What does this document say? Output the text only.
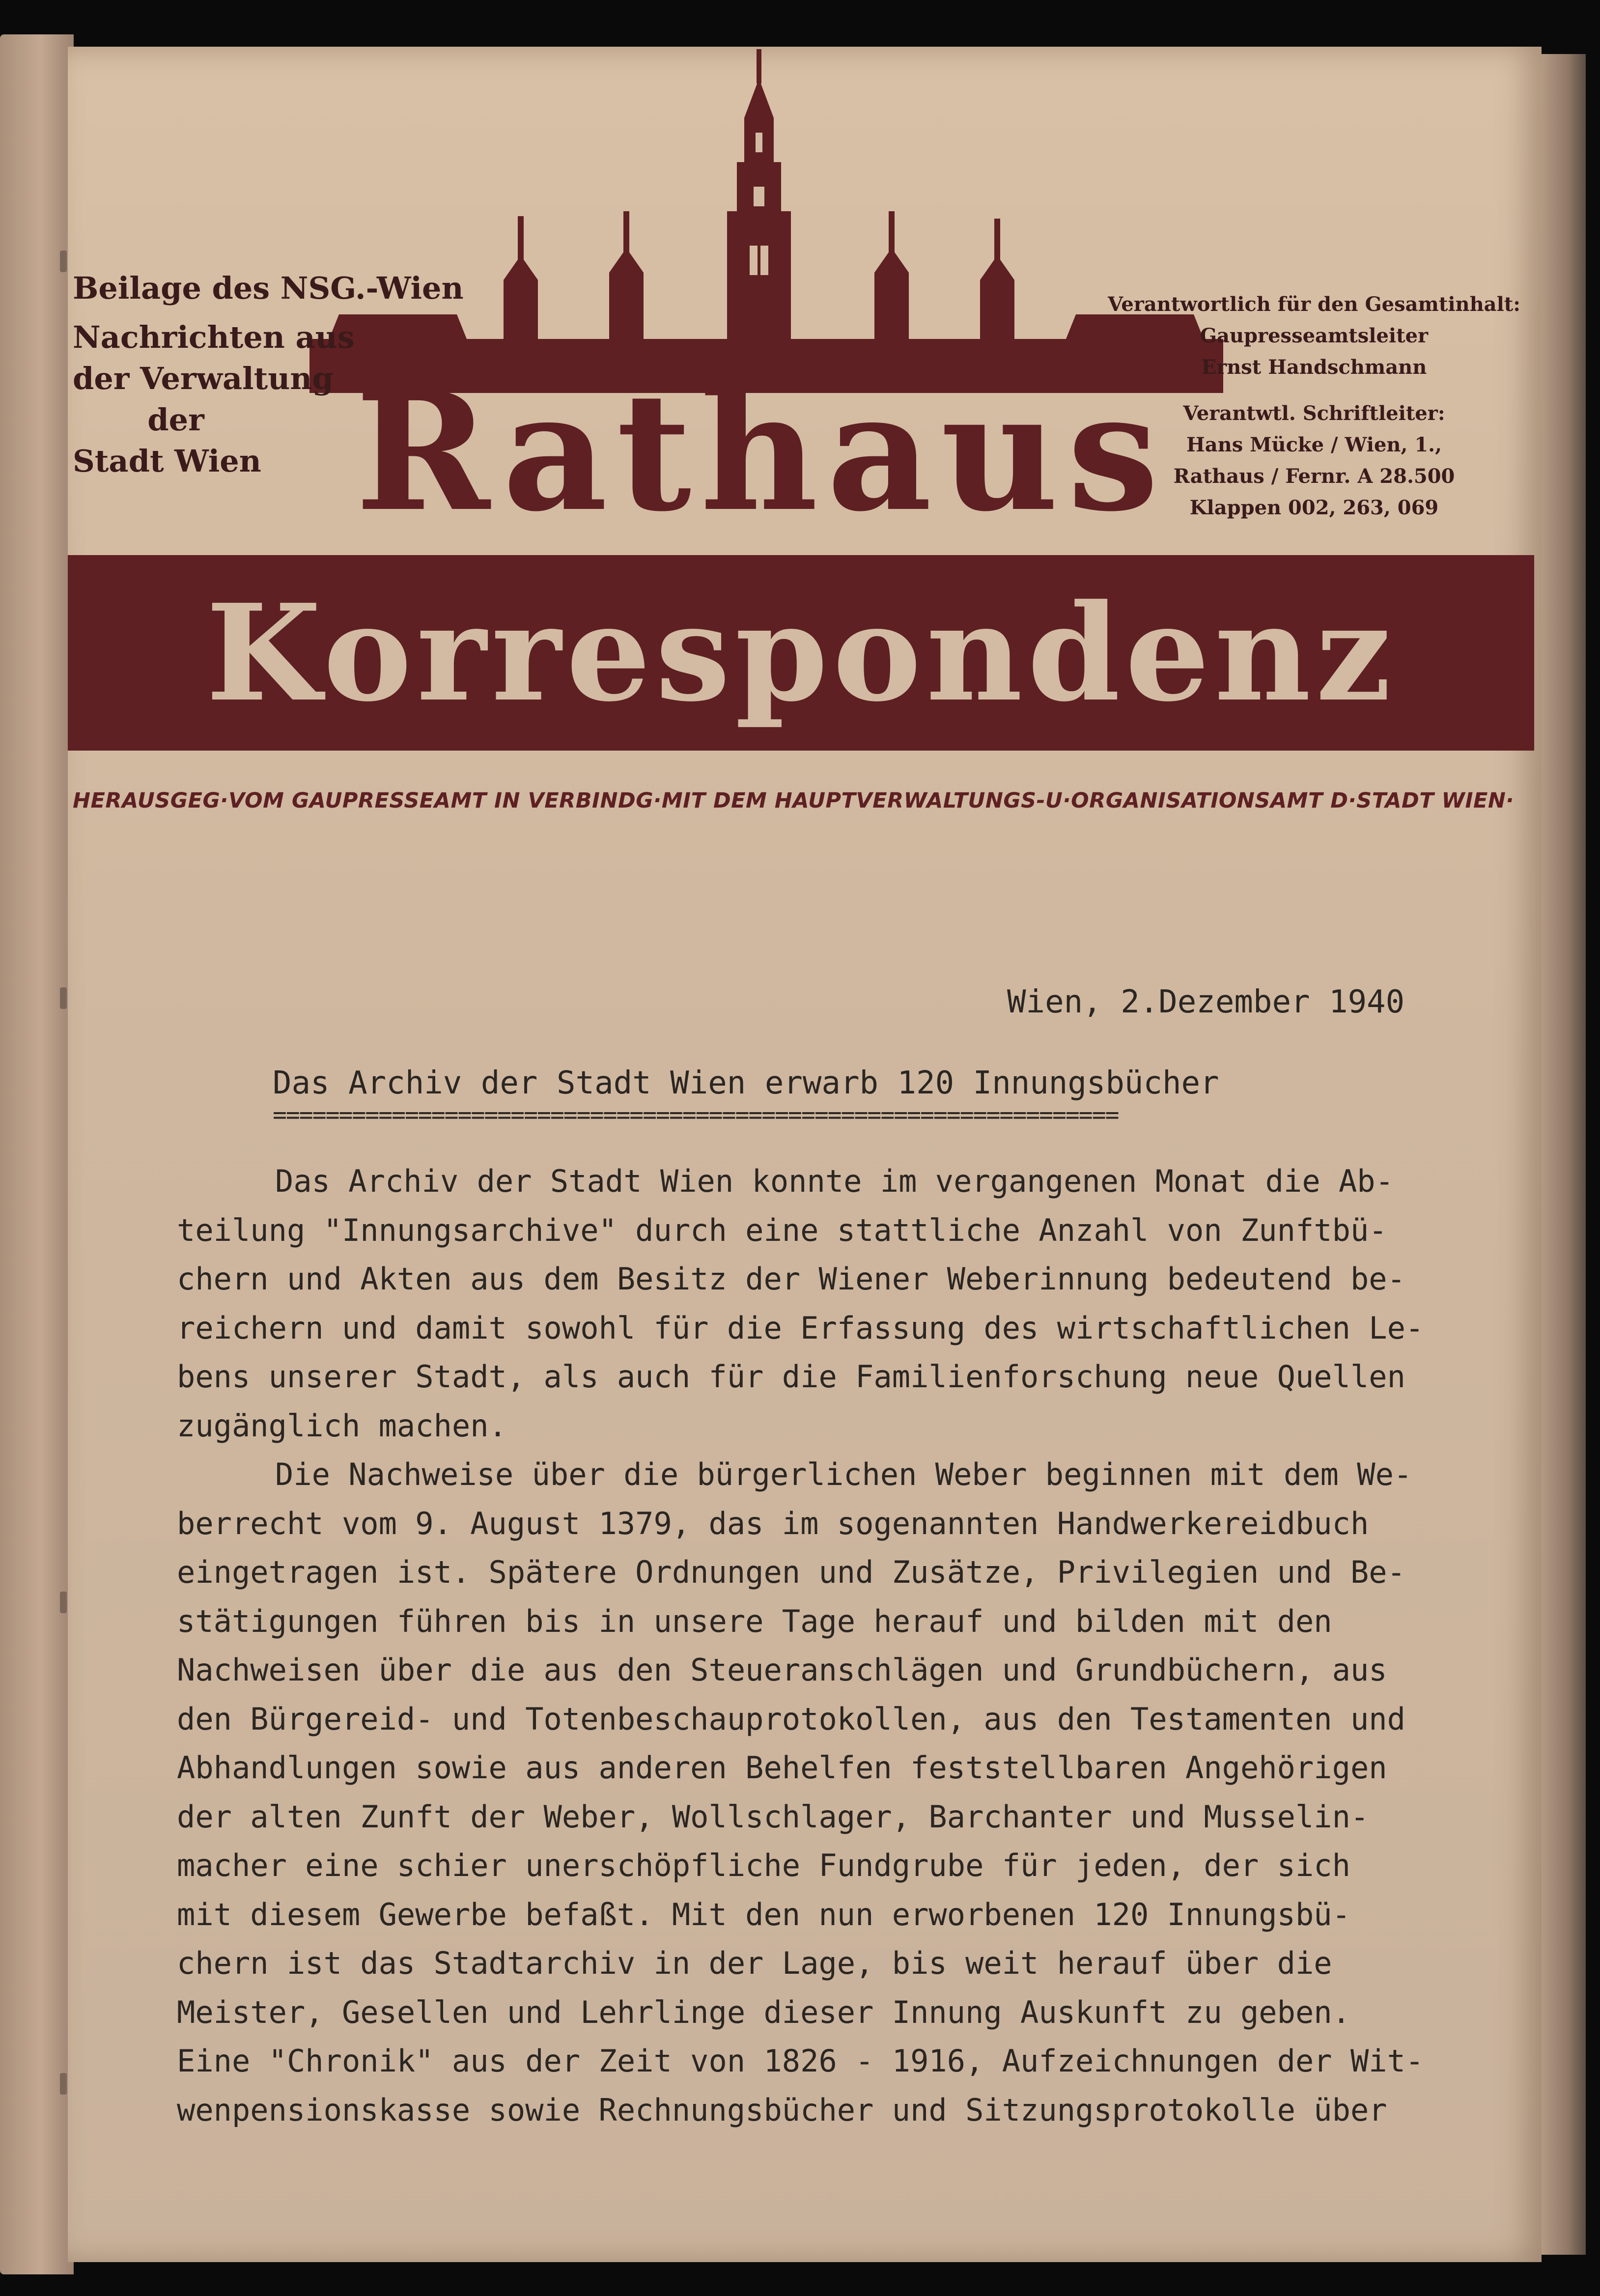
Rathaus
Korrespondenz
Beilage des NSG.-Wien
Nachrichten aus
der Verwaltung
der
Stadt Wien
Verantwortlich für den Gesamtinhalt:
Gaupresseamtsleiter
Ernst Handschmann
Verantwtl. Schriftleiter:
Hans Mücke / Wien, 1.,
Rathaus / Fernr. A 28.500
Klappen 002, 263, 069
HERAUSGEG·VOM GAUPRESSEAMT IN VERBINDG·MIT DEM HAUPTVERWALTUNGS-U·ORGANISATIONSAMT D·STADT WIEN·
Wien, 2.Dezember 1940
Das Archiv der Stadt Wien erwarb 120 Innungsbücher
================================================================
Das Archiv der Stadt Wien konnte im vergangenen Monat die Ab-
teilung "Innungsarchive" durch eine stattliche Anzahl von Zunftbü-
chern und Akten aus dem Besitz der Wiener Weberinnung bedeutend be-
reichern und damit sowohl für die Erfassung des wirtschaftlichen Le-
bens unserer Stadt, als auch für die Familienforschung neue Quellen
zugänglich machen.
Die Nachweise über die bürgerlichen Weber beginnen mit dem We-
berrecht vom 9. August 1379, das im sogenannten Handwerkereidbuch
eingetragen ist. Spätere Ordnungen und Zusätze, Privilegien und Be-
stätigungen führen bis in unsere Tage herauf und bilden mit den
Nachweisen über die aus den Steueranschlägen und Grundbüchern, aus
den Bürgereid- und Totenbeschauprotokollen, aus den Testamenten und
Abhandlungen sowie aus anderen Behelfen feststellbaren Angehörigen
der alten Zunft der Weber, Wollschlager, Barchanter und Musselin-
macher eine schier unerschöpfliche Fundgrube für jeden, der sich
mit diesem Gewerbe befaßt. Mit den nun erworbenen 120 Innungsbü-
chern ist das Stadtarchiv in der Lage, bis weit herauf über die
Meister, Gesellen und Lehrlinge dieser Innung Auskunft zu geben.
Eine "Chronik" aus der Zeit von 1826 - 1916, Aufzeichnungen der Wit-
wenpensionskasse sowie Rechnungsbücher und Sitzungsprotokolle über
